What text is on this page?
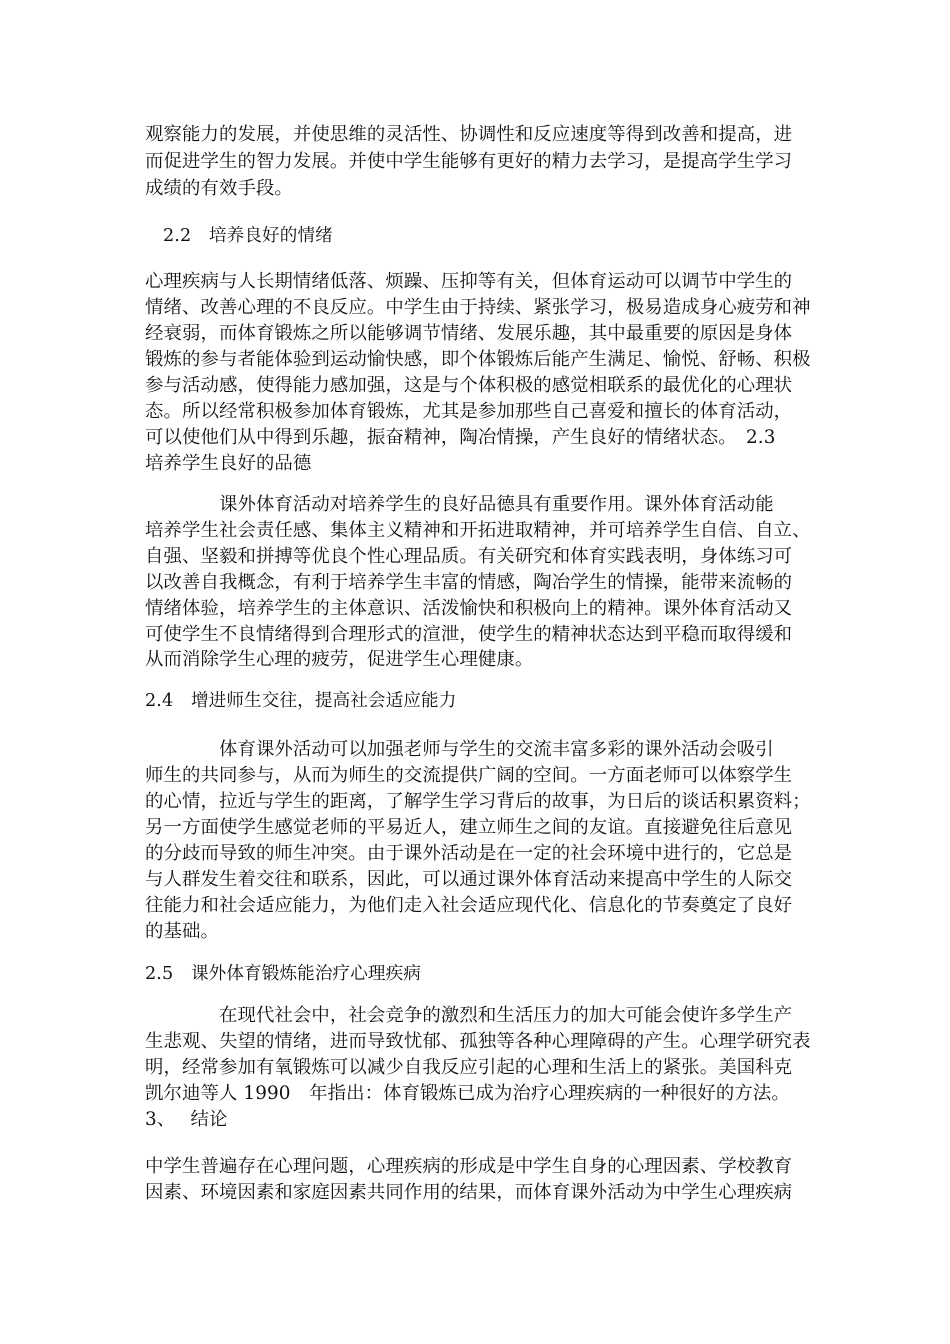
观察能力的发展，并使思维的灵活性、协调性和反应速度等得到改善和提高，进
而促进学生的智力发展。并使中学生能够有更好的精力去学习，是提高学生学习
成绩的有效手段。
2.2　培养良好的情绪
心理疾病与人长期情绪低落、烦躁、压抑等有关，但体育运动可以调节中学生的
情绪、改善心理的不良反应。中学生由于持续、紧张学习，极易造成身心疲劳和神
经衰弱，而体育锻炼之所以能够调节情绪、发展乐趣，其中最重要的原因是身体
锻炼的参与者能体验到运动愉快感，即个体锻炼后能产生满足、愉悦、舒畅、积极
参与活动感，使得能力感加强，这是与个体积极的感觉相联系的最优化的心理状
态。所以经常积极参加体育锻炼，尤其是参加那些自己喜爱和擅长的体育活动，
可以使他们从中得到乐趣，振奋精神，陶冶情操，产生良好的情绪状态。　2.3
培养学生良好的品德
　　　　课外体育活动对培养学生的良好品德具有重要作用。课外体育活动能
培养学生社会责任感、集体主义精神和开拓进取精神，并可培养学生自信、自立、
自强、坚毅和拼搏等优良个性心理品质。有关研究和体育实践表明，身体练习可
以改善自我概念，有利于培养学生丰富的情感，陶冶学生的情操，能带来流畅的
情绪体验，培养学生的主体意识、活泼愉快和积极向上的精神。课外体育活动又
可使学生不良情绪得到合理形式的渲泄，使学生的精神状态达到平稳而取得缓和
从而消除学生心理的疲劳，促进学生心理健康。
2.4　增进师生交往，提高社会适应能力
　　　　体育课外活动可以加强老师与学生的交流丰富多彩的课外活动会吸引
师生的共同参与，从而为师生的交流提供广阔的空间。一方面老师可以体察学生
的心情，拉近与学生的距离，了解学生学习背后的故事，为日后的谈话积累资料；
另一方面使学生感觉老师的平易近人，建立师生之间的友谊。直接避免往后意见
的分歧而导致的师生冲突。由于课外活动是在一定的社会环境中进行的，它总是
与人群发生着交往和联系，因此，可以通过课外体育活动来提高中学生的人际交
往能力和社会适应能力，为他们走入社会适应现代化、信息化的节奏奠定了良好
的基础。
2.5　课外体育锻炼能治疗心理疾病
　　　　在现代社会中，社会竞争的激烈和生活压力的加大可能会使许多学生产
生悲观、失望的情绪，进而导致忧郁、孤独等各种心理障碍的产生。心理学研究表
明，经常参加有氧锻炼可以减少自我反应引起的心理和生活上的紧张。美国科克
凯尔迪等人 1990　年指出：体育锻炼已成为治疗心理疾病的一种很好的方法。
3、　 结论
中学生普遍存在心理问题，心理疾病的形成是中学生自身的心理因素、学校教育
因素、环境因素和家庭因素共同作用的结果，而体育课外活动为中学生心理疾病
